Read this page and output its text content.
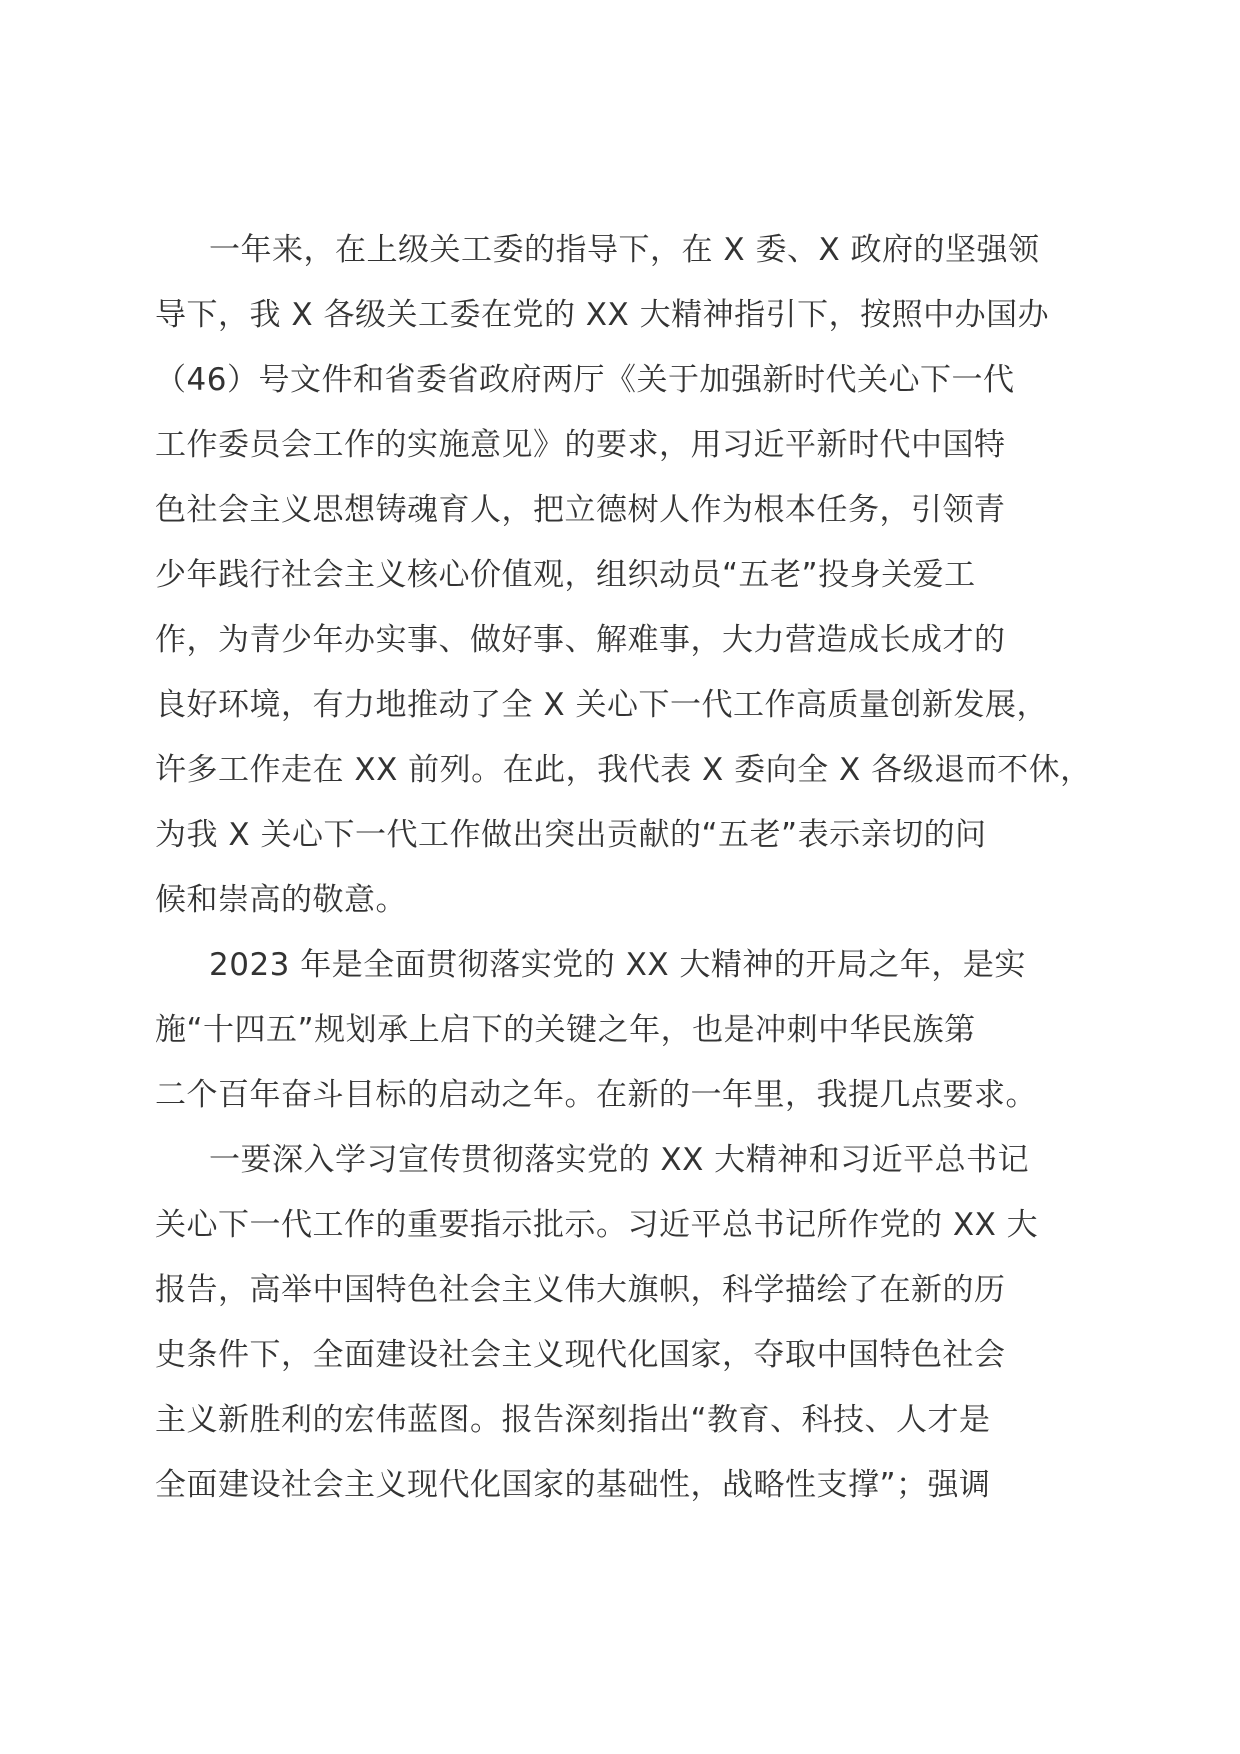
一年来，在上级关工委的指导下，在 X 委、X 政府的坚强领
导下，我 X 各级关工委在党的 XX 大精神指引下，按照中办国办
（46）号文件和省委省政府两厅《关于加强新时代关心下一代
工作委员会工作的实施意见》的要求，用习近平新时代中国特
色社会主义思想铸魂育人，把立德树人作为根本任务，引领青
少年践行社会主义核心价值观，组织动员“五老”投身关爱工
作，为青少年办实事、做好事、解难事，大力营造成长成才的
良好环境，有力地推动了全 X 关心下一代工作高质量创新发展，
许多工作走在 XX 前列。在此，我代表 X 委向全 X 各级退而不休，
为我 X 关心下一代工作做出突出贡献的“五老”表示亲切的问
候和崇高的敬意。
2023 年是全面贯彻落实党的 XX 大精神的开局之年，是实
施“十四五”规划承上启下的关键之年，也是冲刺中华民族第
二个百年奋斗目标的启动之年。在新的一年里，我提几点要求。
一要深入学习宣传贯彻落实党的 XX 大精神和习近平总书记
关心下一代工作的重要指示批示。习近平总书记所作党的 XX 大
报告，高举中国特色社会主义伟大旗帜，科学描绘了在新的历
史条件下，全面建设社会主义现代化国家，夺取中国特色社会
主义新胜利的宏伟蓝图。报告深刻指出“教育、科技、人才是
全面建设社会主义现代化国家的基础性，战略性支撑”；强调
